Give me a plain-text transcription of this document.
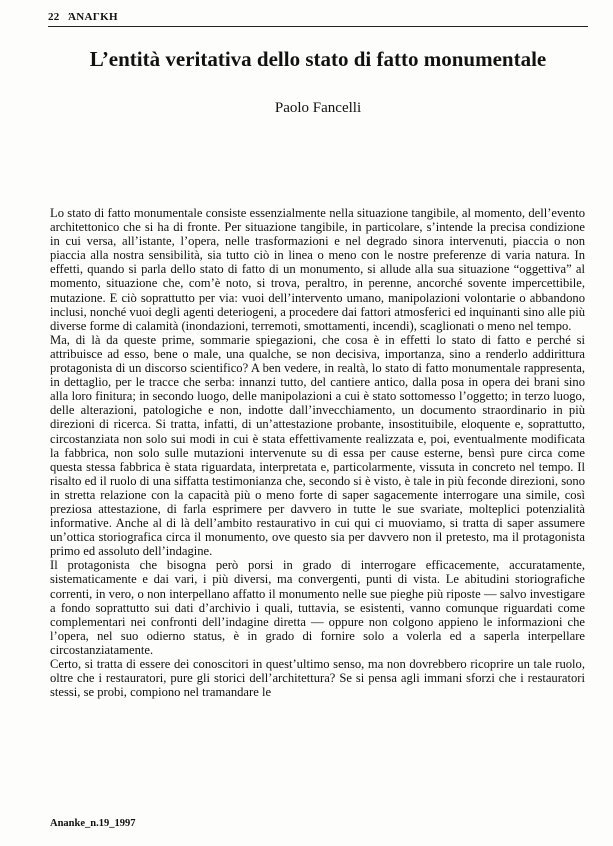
22 ΆΝΑΓΚΗ
L’entità veritativa dello stato di fatto monumentale
Paolo Fancelli

Lo stato di fatto monumentale consiste essenzialmente nella situazione tangibile, al momento, dell’evento architettonico che si ha di fronte. Per situazione tangibile, in particolare, s’intende la precisa condizione in cui versa, all’istante, l’opera, nelle trasformazioni e nel degrado sinora intervenuti, piaccia o non piaccia alla nostra sensibilità, sia tutto ciò in linea o meno con le nostre preferenze di varia natura. In effetti, quando si parla dello stato di fatto di un monumento, si allude alla sua situazione “oggettiva” al momento, situazione che, com’è noto, si trova, peraltro, in perenne, ancorché sovente impercettibile, mutazione. E ciò soprattutto per via: vuoi dell’intervento umano, manipolazioni volontarie o abbandono inclusi, nonché vuoi degli agenti deteriogeni, a procedere dai fattori atmosferici ed inquinanti sino alle più diverse forme di calamità (inondazioni, terremoti, smottamenti, incendi), scaglionati o meno nel tempo.

Ma, di là da queste prime, sommarie spiegazioni, che cosa è in effetti lo stato di fatto e perché si attribuisce ad esso, bene o male, una qualche, se non decisiva, importanza, sino a renderlo addirittura protagonista di un discorso scientifico? A ben vedere, in realtà, lo stato di fatto monumentale rappresenta, in dettaglio, per le tracce che serba: innanzi tutto, del cantiere antico, dalla posa in opera dei brani sino alla loro finitura; in secondo luogo, delle manipolazioni a cui è stato sottomesso l’oggetto; in terzo luogo, delle alterazioni, patologiche e non, indotte dall’invecchiamento, un documento straordinario in più direzioni di ricerca. Si tratta, infatti, di un’attestazione probante, insostituibile, eloquente e, soprattutto, circostanziata non solo sui modi in cui è stata effettivamente realizzata e, poi, eventualmente modificata la fabbrica, non solo sulle mutazioni intervenute su di essa per cause esterne, bensì pure circa come questa stessa fabbrica è stata riguardata, interpretata e, particolarmente, vissuta in concreto nel tempo. Il risalto ed il ruolo di una siffatta testimonianza che, secondo si è visto, è tale in più feconde direzioni, sono in stretta relazione con la capacità più o meno forte di saper sagacemente interrogare una simile, così preziosa attestazione, di farla esprimere per davvero in tutte le sue svariate, molteplici potenzialità informative. Anche al di là dell’ambito restaurativo in cui qui ci muoviamo, si tratta di saper assumere un’ottica storiografica circa il monumento, ove questo sia per davvero non il pretesto, ma il protagonista primo ed assoluto dell’indagine.

Il protagonista che bisogna però porsi in grado di interrogare efficacemente, accuratamente, sistematicamente e dai vari, i più diversi, ma convergenti, punti di vista. Le abitudini storiografiche correnti, in vero, o non interpellano affatto il monumento nelle sue pieghe più riposte — salvo investigare a fondo soprattutto sui dati d’archivio i quali, tuttavia, se esistenti, vanno comunque riguardati come complementari nei confronti dell’indagine diretta — oppure non colgono appieno le informazioni che l’opera, nel suo odierno status, è in grado di fornire solo a volerla ed a saperla interpellare circostanziatamente.

Certo, si tratta di essere dei conoscitori in quest’ultimo senso, ma non dovrebbero ricoprire un tale ruolo, oltre che i restauratori, pure gli storici dell’architettura? Se si pensa agli immani sforzi che i restauratori stessi, se probi, compiono nel tramandare le

Ananke_n.19_1997
